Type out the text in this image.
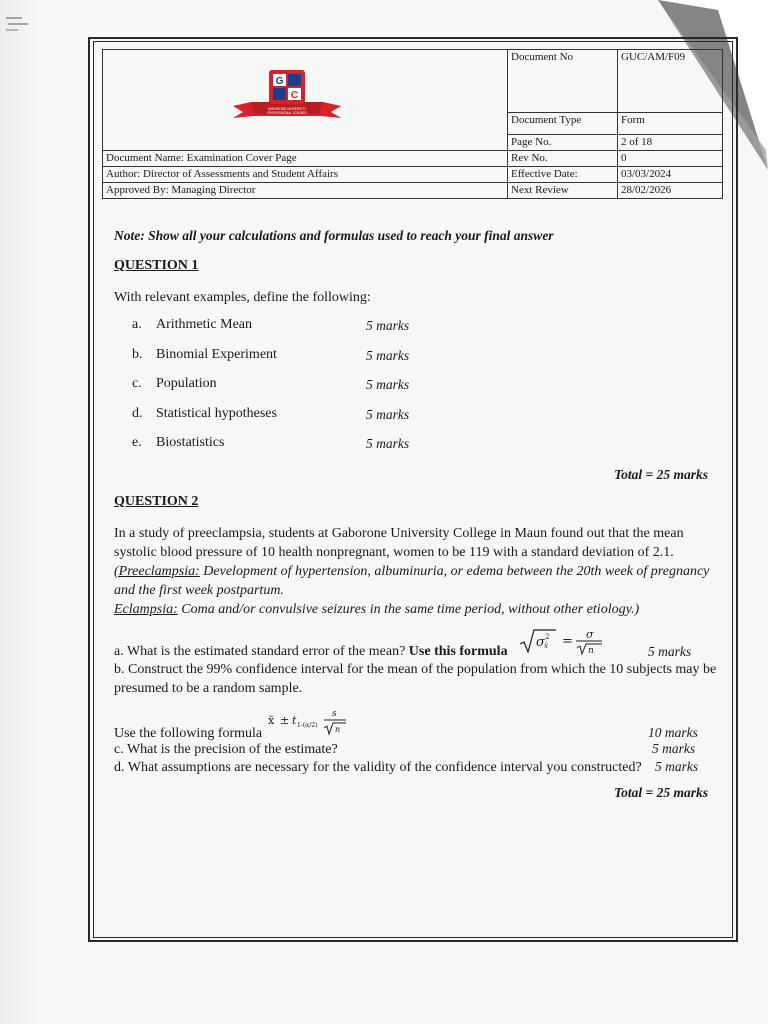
G
C
GABORONE UNIVERSITY
PROFESSIONAL STUDIES	Document No	GUC/AM/F09
	Document Type	Form
	Page No.	2 of 18
Document Name: Examination Cover Page	Rev No.	0
Author: Director of Assessments and Student Affairs	Effective Date:	03/03/2024
Approved By: Managing Director	Next Review	28/02/2026
Note: Show all your calculations and formulas used to reach your final answer
QUESTION 1
With relevant examples, define the following:
a. Arithmetic Mean	5 marks
b. Binomial Experiment	5 marks
c. Population	5 marks
d. Statistical hypotheses	5 marks
e. Biostatistics	5 marks
Total = 25 marks
QUESTION 2
In a study of preeclampsia, students at Gaborone University College in Maun found out that the mean
systolic blood pressure of 10 health nonpregnant, women to be 119 with a standard deviation of 2.1.
(Preeclampsia: Development of hypertension, albuminuria, or edema between the 20th week of pregnancy
and the first week postpartum.
Eclampsia: Coma and/or convulsive seizures in the same time period, without other etiology.)
a. What is the estimated standard error of the mean? Use this formula
σ x̄
2 = σ
n	5 marks
b. Construct the 99% confidence interval for the mean of the population from which the 10 subjects may be
presumed to be a random sample.
x̄ ± t 1-(α/2)
s
n
Use the following formula	10 marks
c. What is the precision of the estimate?	5 marks
d. What assumptions are necessary for the validity of the confidence interval you constructed? 5 marks
Total = 25 marks
